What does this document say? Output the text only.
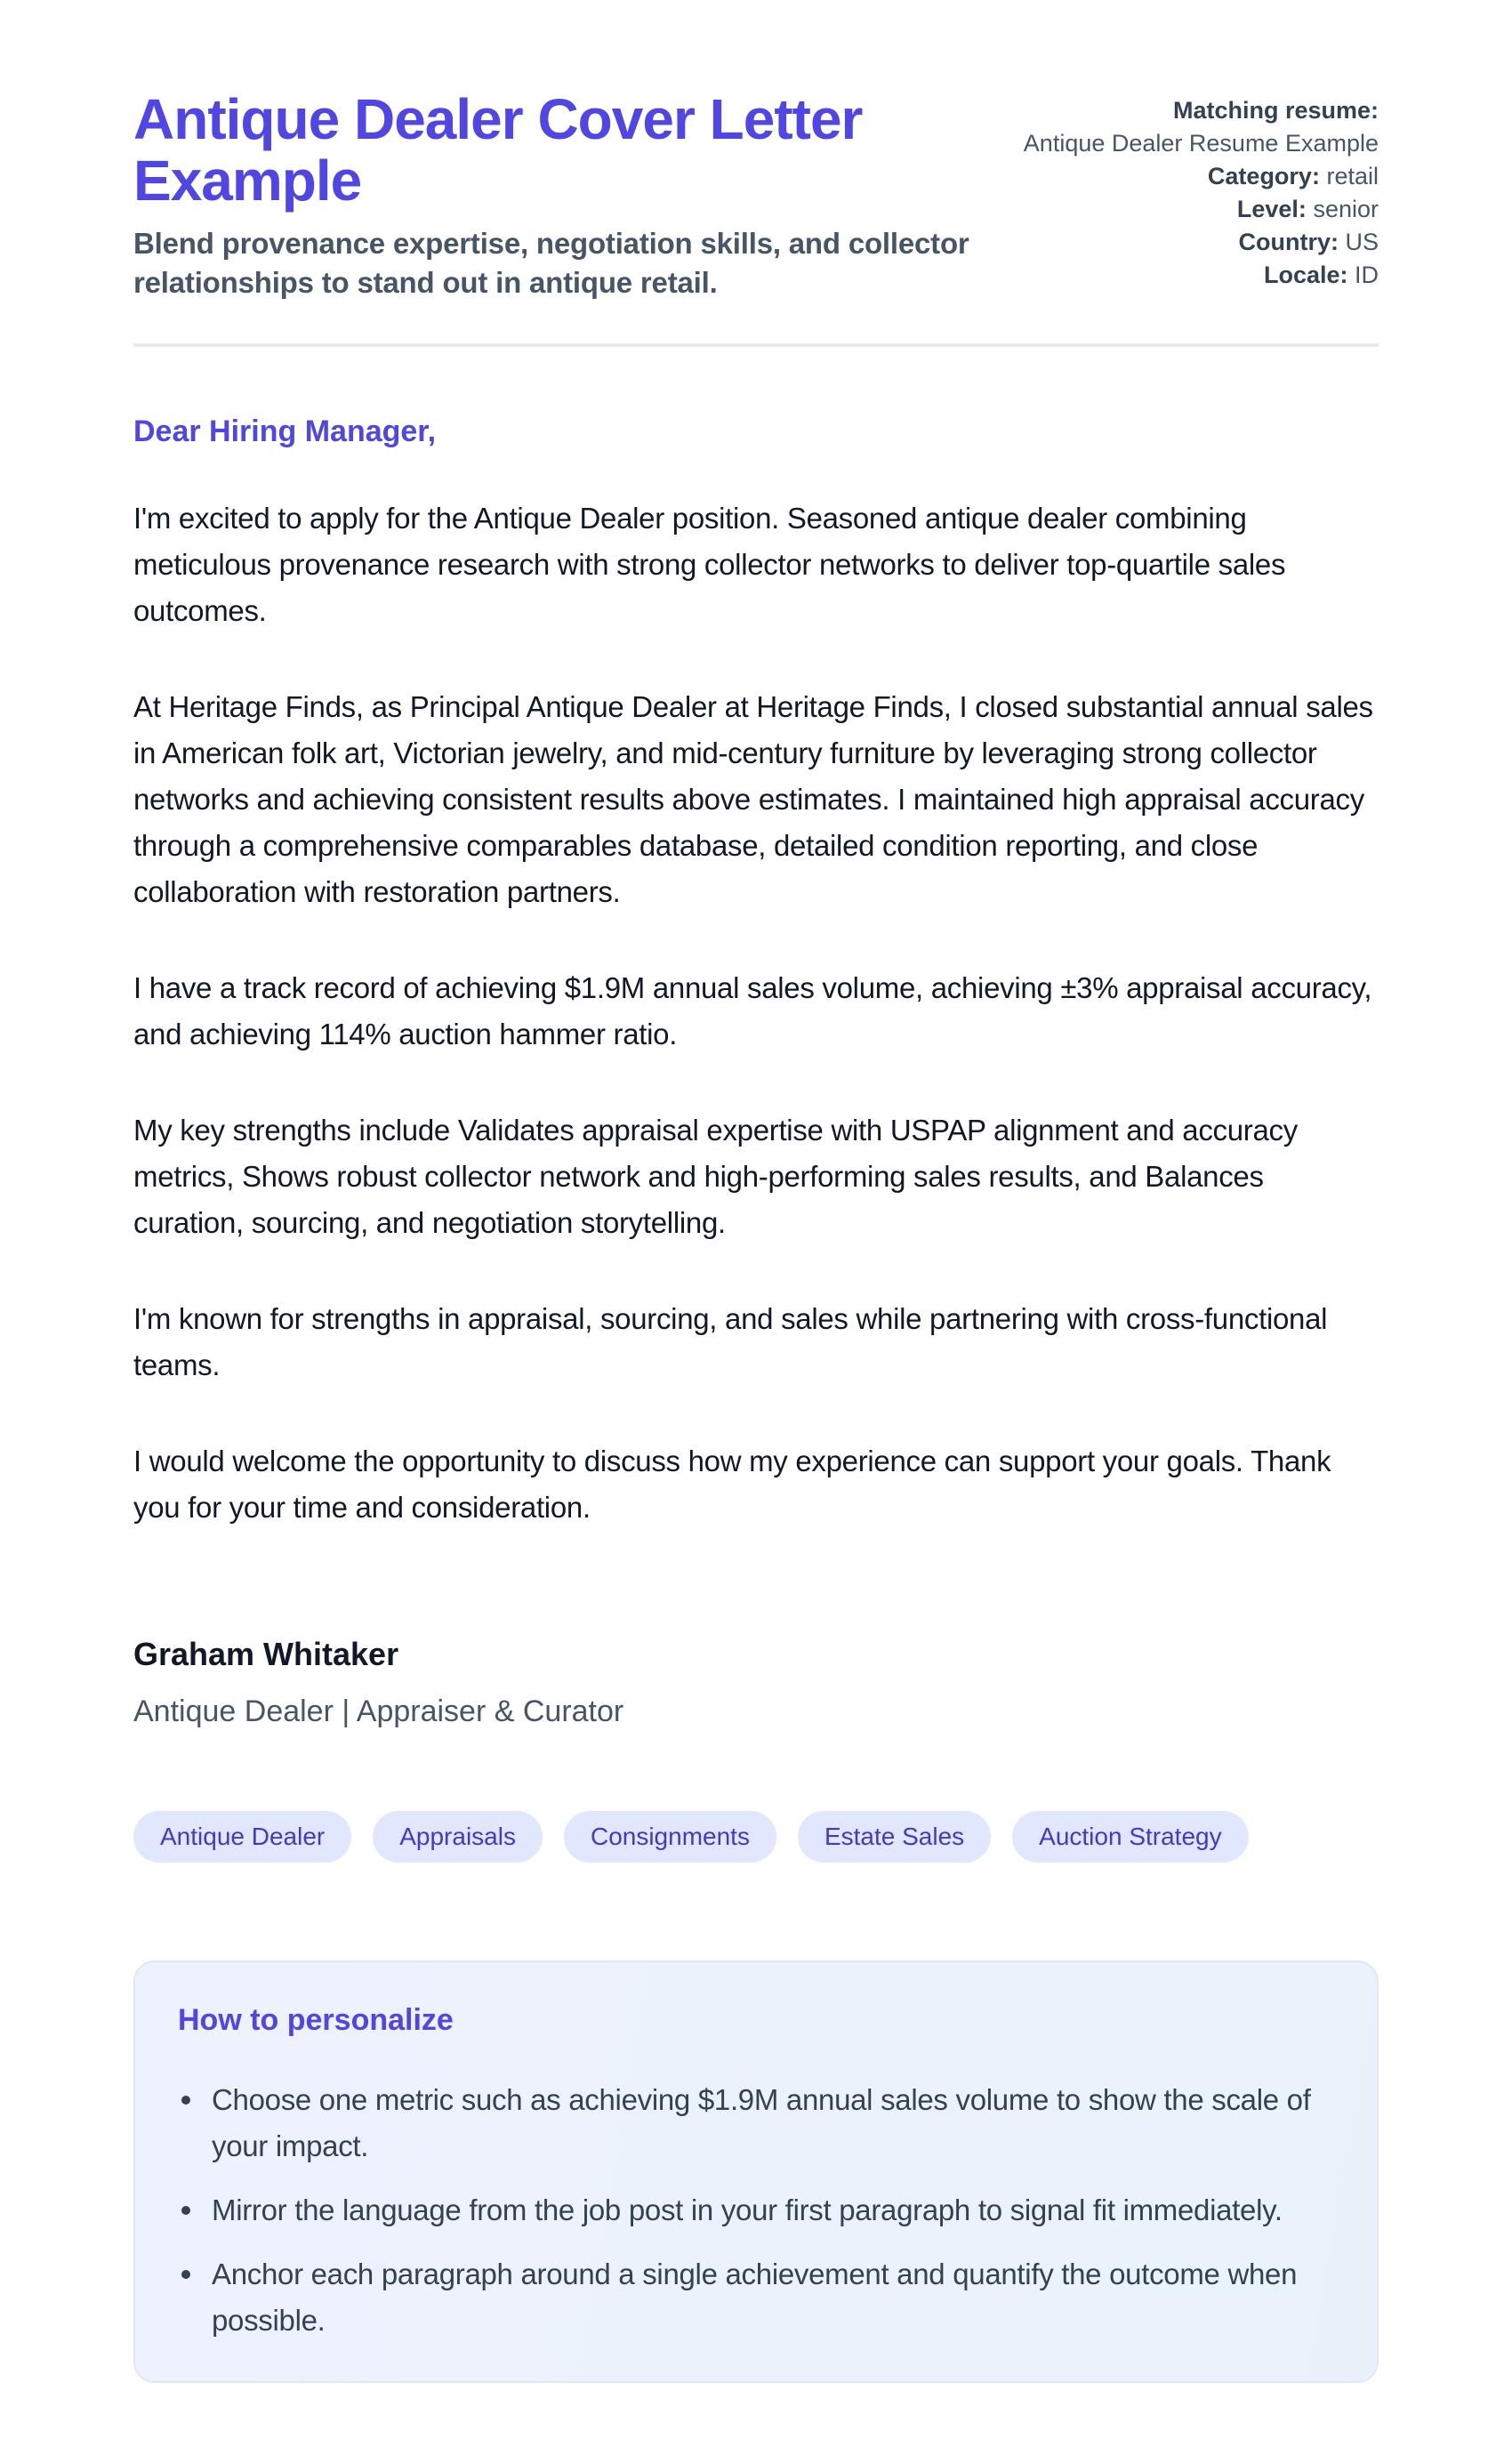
Antique Dealer Cover Letter Example
Blend provenance expertise, negotiation skills, and collector relationships to stand out in antique retail.
Matching resume:
Antique Dealer Resume Example
Category: retail
Level: senior
Country: US
Locale: ID
Dear Hiring Manager,

I'm excited to apply for the Antique Dealer position. Seasoned antique dealer combining meticulous provenance research with strong collector networks to deliver top-quartile sales outcomes.

At Heritage Finds, as Principal Antique Dealer at Heritage Finds, I closed substantial annual sales in American folk art, Victorian jewelry, and mid-century furniture by leveraging strong collector networks and achieving consistent results above estimates. I maintained high appraisal accuracy through a comprehensive comparables database, detailed condition reporting, and close collaboration with restoration partners.

I have a track record of achieving $1.9M annual sales volume, achieving ±3% appraisal accuracy, and achieving 114% auction hammer ratio.

My key strengths include Validates appraisal expertise with USPAP alignment and accuracy metrics, Shows robust collector network and high-performing sales results, and Balances curation, sourcing, and negotiation storytelling.

I'm known for strengths in appraisal, sourcing, and sales while partnering with cross-functional teams.

I would welcome the opportunity to discuss how my experience can support your goals. Thank you for your time and consideration.

Graham Whitaker
Antique Dealer | Appraiser & Curator
Antique Dealer	Appraisals	Consignments	Estate Sales	Auction Strategy
How to personalize
Choose one metric such as achieving $1.9M annual sales volume to show the scale of your impact.
Mirror the language from the job post in your first paragraph to signal fit immediately.
Anchor each paragraph around a single achievement and quantify the outcome when possible.
